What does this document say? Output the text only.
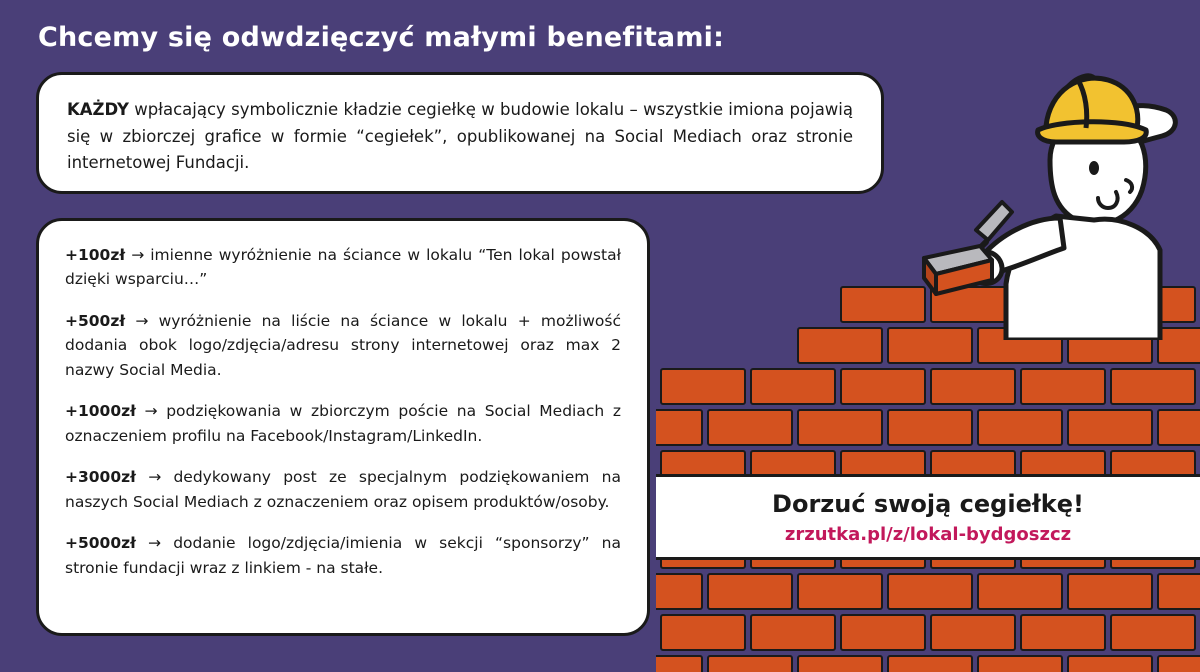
Chcemy się odwdzięczyć małymi benefitami:

KAŻDY wpłacający symbolicznie kładzie cegiełkę w budowie lokalu – wszystkie imiona pojawią się w zbiorczej grafice w formie “cegiełek”, opublikowanej na Social Mediach oraz stronie internetowej Fundacji.

+100zł → imienne wyróżnienie na ściance w lokalu “Ten lokal powstał dzięki wsparciu…”

+500zł → wyróżnienie na liście na ściance w lokalu + możliwość dodania obok logo/zdjęcia/adresu strony internetowej oraz max 2 nazwy Social Media.

+1000zł → podziękowania w zbiorczym poście na Social Mediach z oznaczeniem profilu na Facebook/Instagram/LinkedIn.

+3000zł → dedykowany post ze specjalnym podziękowaniem na naszych Social Mediach z oznaczeniem oraz opisem produktów/osoby.

+5000zł → dodanie logo/zdjęcia/imienia w sekcji “sponsorzy” na stronie fundacji wraz z linkiem - na stałe.

Dorzuć swoją cegiełkę!
zrzutka.pl/z/lokal-bydgoszcz
